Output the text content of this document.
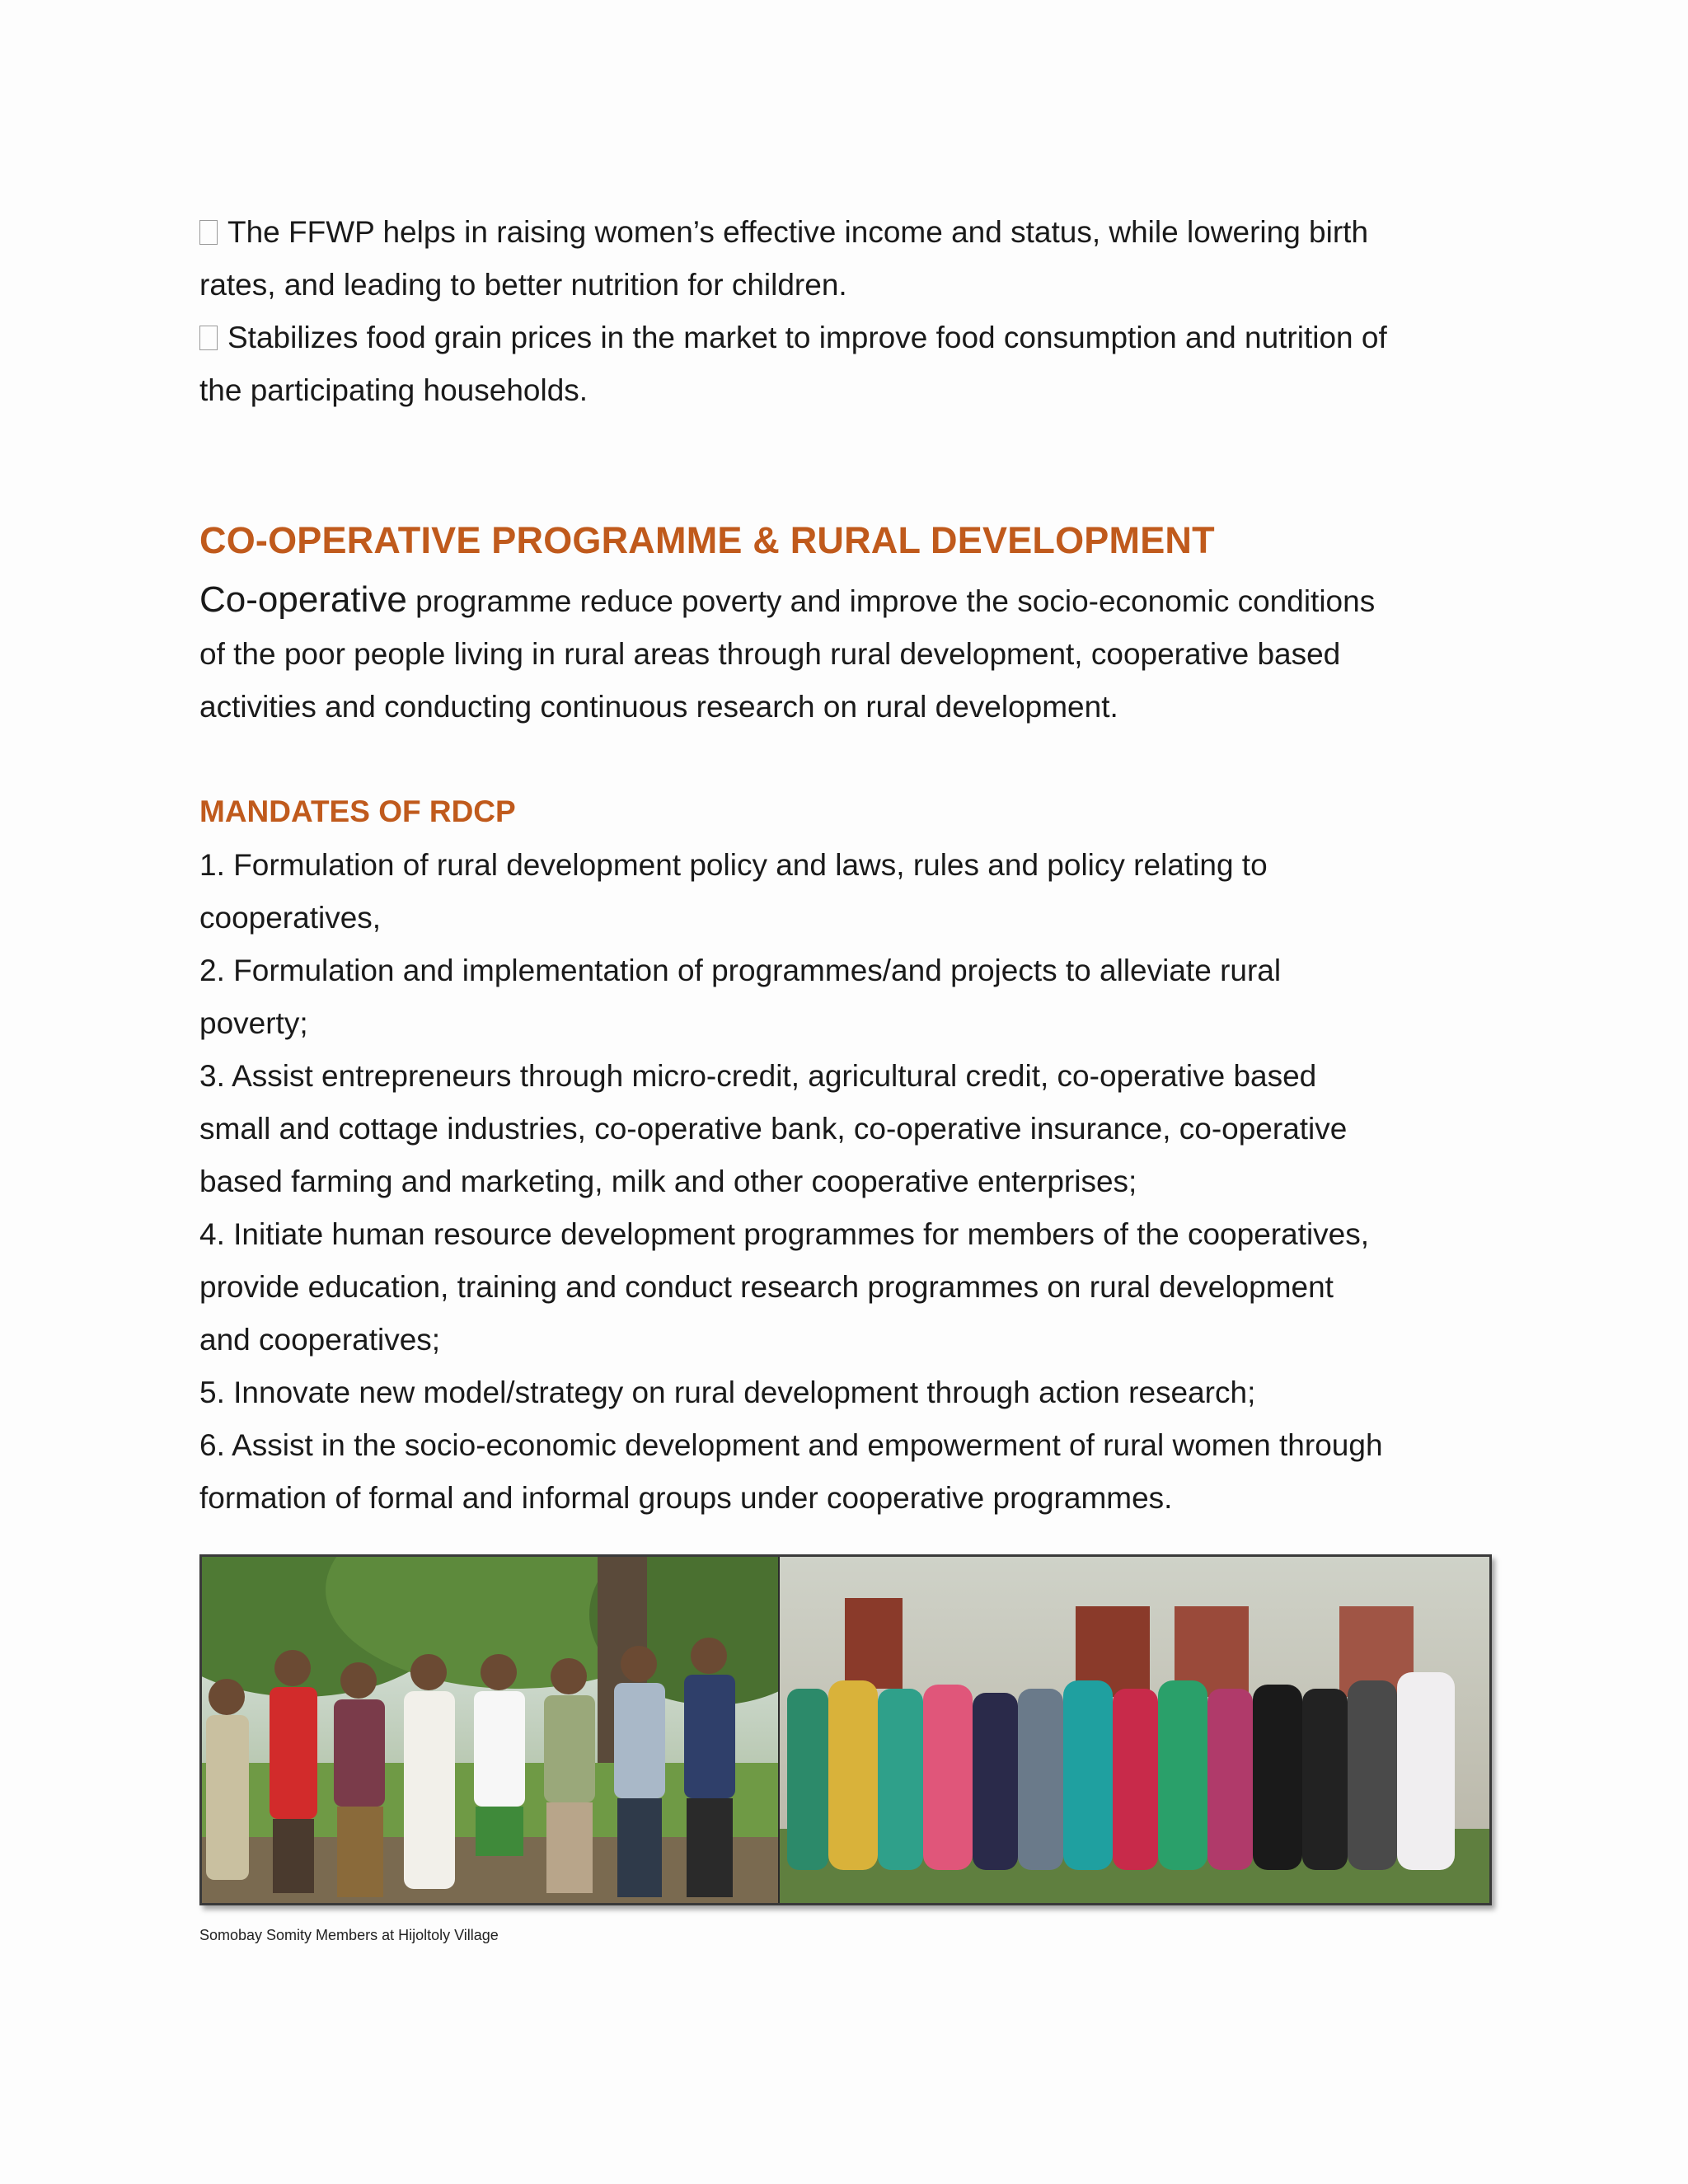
The FFWP helps in raising women’s effective income and status, while lowering birth

rates, and leading to better nutrition for children.

Stabilizes food grain prices in the market to improve food consumption and nutrition of

the participating households.

CO-OPERATIVE PROGRAMME & RURAL DEVELOPMENT

Co-operative programme reduce poverty and improve the socio-economic conditions

of the poor people living in rural areas through rural development, cooperative based

activities and conducting continuous research on rural development.

MANDATES OF RDCP

1. Formulation of rural development policy and laws, rules and policy relating to

cooperatives,

2. Formulation and implementation of programmes/and projects to alleviate rural

poverty;

3. Assist entrepreneurs through micro-credit, agricultural credit, co-operative based

small and cottage industries, co-operative bank, co-operative insurance, co-operative

based farming and marketing, milk and other cooperative enterprises;

4. Initiate human resource development programmes for members of the cooperatives,

provide education, training and conduct research programmes on rural development

and cooperatives;

5. Innovate new model/strategy on rural development through action research;

6. Assist in the socio-economic development and empowerment of rural women through

formation of formal and informal groups under cooperative programmes.

Somobay Somity Members at Hijoltoly Village
